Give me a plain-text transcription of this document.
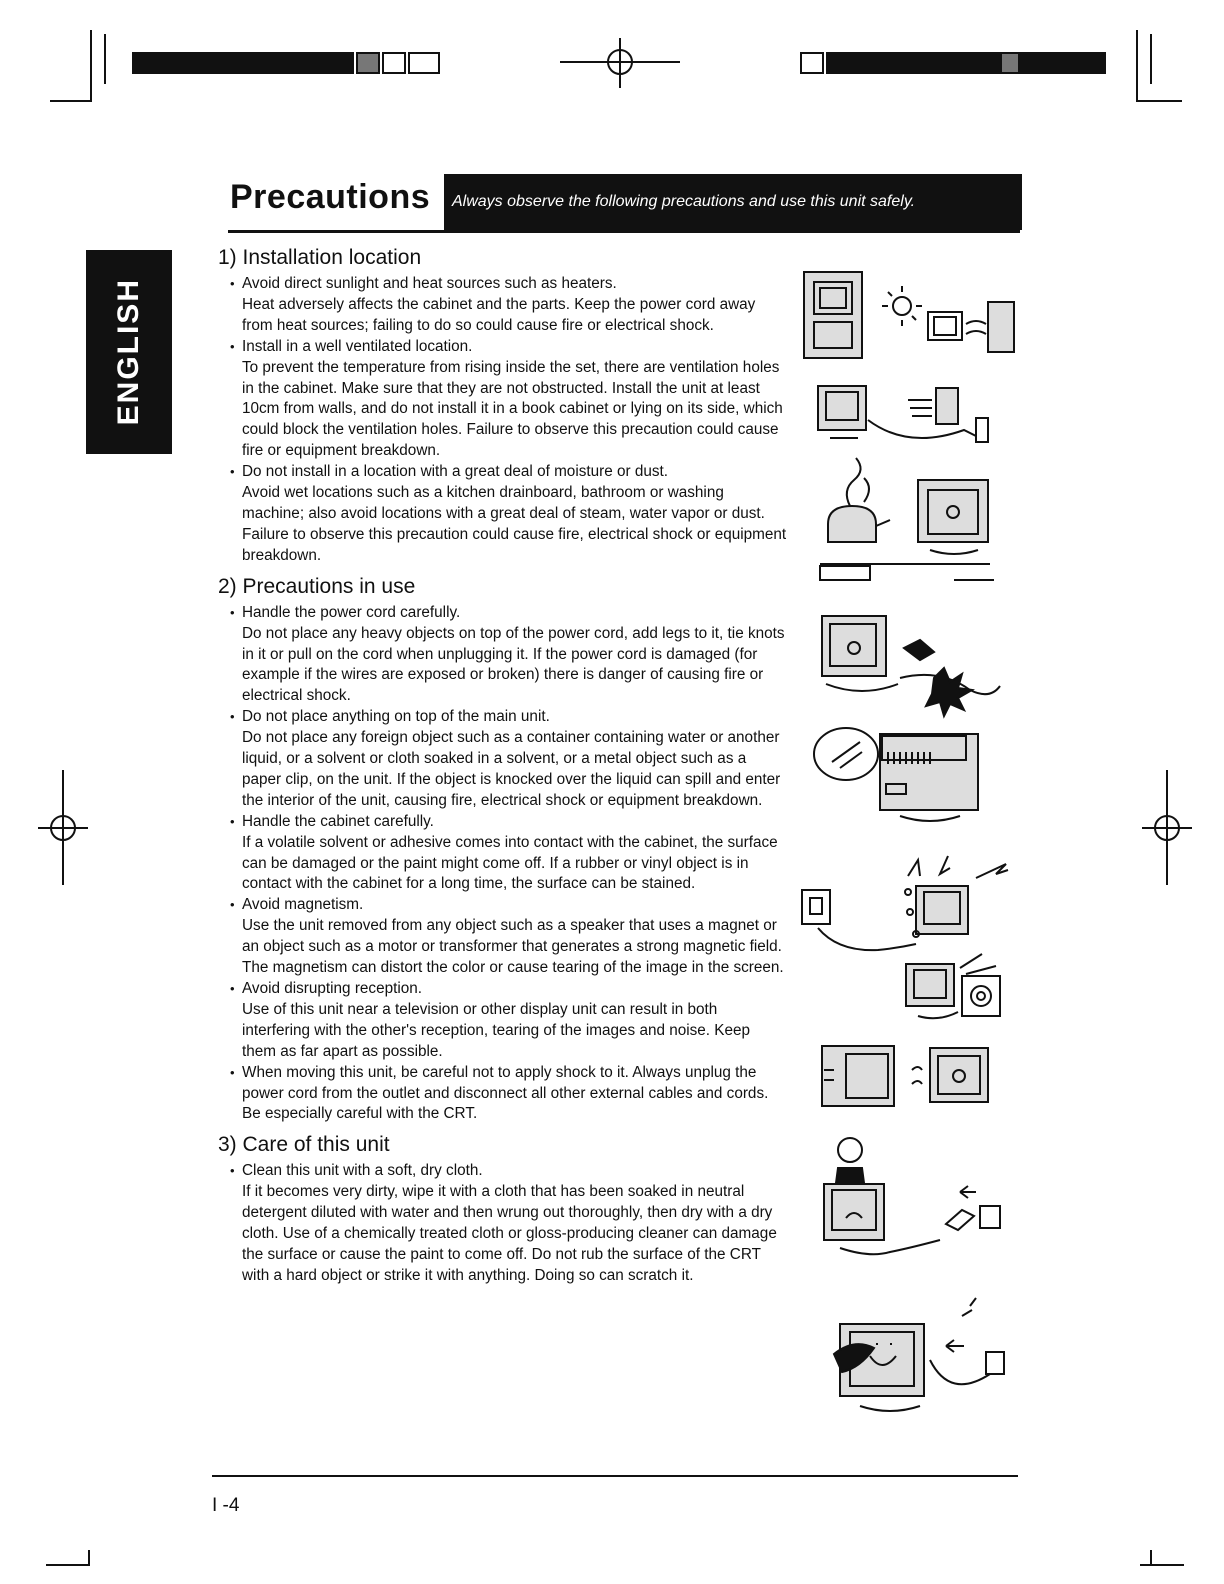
Precautions Always observe the following precautions and use this unit safely.
ENGLISH
1) Installation location
• Avoid direct sunlight and heat sources such as heaters.
Heat adversely affects the cabinet and the parts. Keep the power cord away from heat sources; failing to do so could cause fire or electrical shock.
• Install in a well ventilated location.
To prevent the temperature from rising inside the set, there are ventilation holes in the cabinet. Make sure that they are not obstructed. Install the unit at least 10cm from walls, and do not install it in a book cabinet or lying on its side, which could block the ventilation holes. Failure to observe this precaution could cause fire or equipment breakdown.
• Do not install in a location with a great deal of moisture or dust.
Avoid wet locations such as a kitchen drainboard, bathroom or washing machine; also avoid locations with a great deal of steam, water vapor or dust. Failure to observe this precaution could cause fire, electrical shock or equipment breakdown.
2) Precautions in use
• Handle the power cord carefully.
Do not place any heavy objects on top of the power cord, add legs to it, tie knots in it or pull on the cord when unplugging it. If the power cord is damaged (for example if the wires are exposed or broken) there is danger of causing fire or electrical shock.
• Do not place anything on top of the main unit.
Do not place any foreign object such as a container containing water or another liquid, or a solvent or cloth soaked in a solvent, or a metal object such as a paper clip, on the unit. If the object is knocked over the liquid can spill and enter the interior of the unit, causing fire, electrical shock or equipment breakdown.
• Handle the cabinet carefully.
If a volatile solvent or adhesive comes into contact with the cabinet, the surface can be damaged or the paint might come off. If a rubber or vinyl object is in contact with the cabinet for a long time, the surface can be stained.
• Avoid magnetism.
Use the unit removed from any object such as a speaker that uses a magnet or an object such as a motor or transformer that generates a strong magnetic field. The magnetism can distort the color or cause tearing of the image in the screen.
• Avoid disrupting reception.
Use of this unit near a television or other display unit can result in both interfering with the other's reception, tearing of the images and noise. Keep them as far apart as possible.
• When moving this unit, be careful not to apply shock to it. Always unplug the power cord from the outlet and disconnect all other external cables and cords. Be especially careful with the CRT.
3) Care of this unit
• Clean this unit with a soft, dry cloth.
If it becomes very dirty, wipe it with a cloth that has been soaked in neutral detergent diluted with water and then wrung out thoroughly, then dry with a dry cloth. Use of a chemically treated cloth or gloss-producing cleaner can damage the surface or cause the paint to come off. Do not rub the surface of the CRT with a hard object or strike it with anything. Doing so can scratch it.
I -4
